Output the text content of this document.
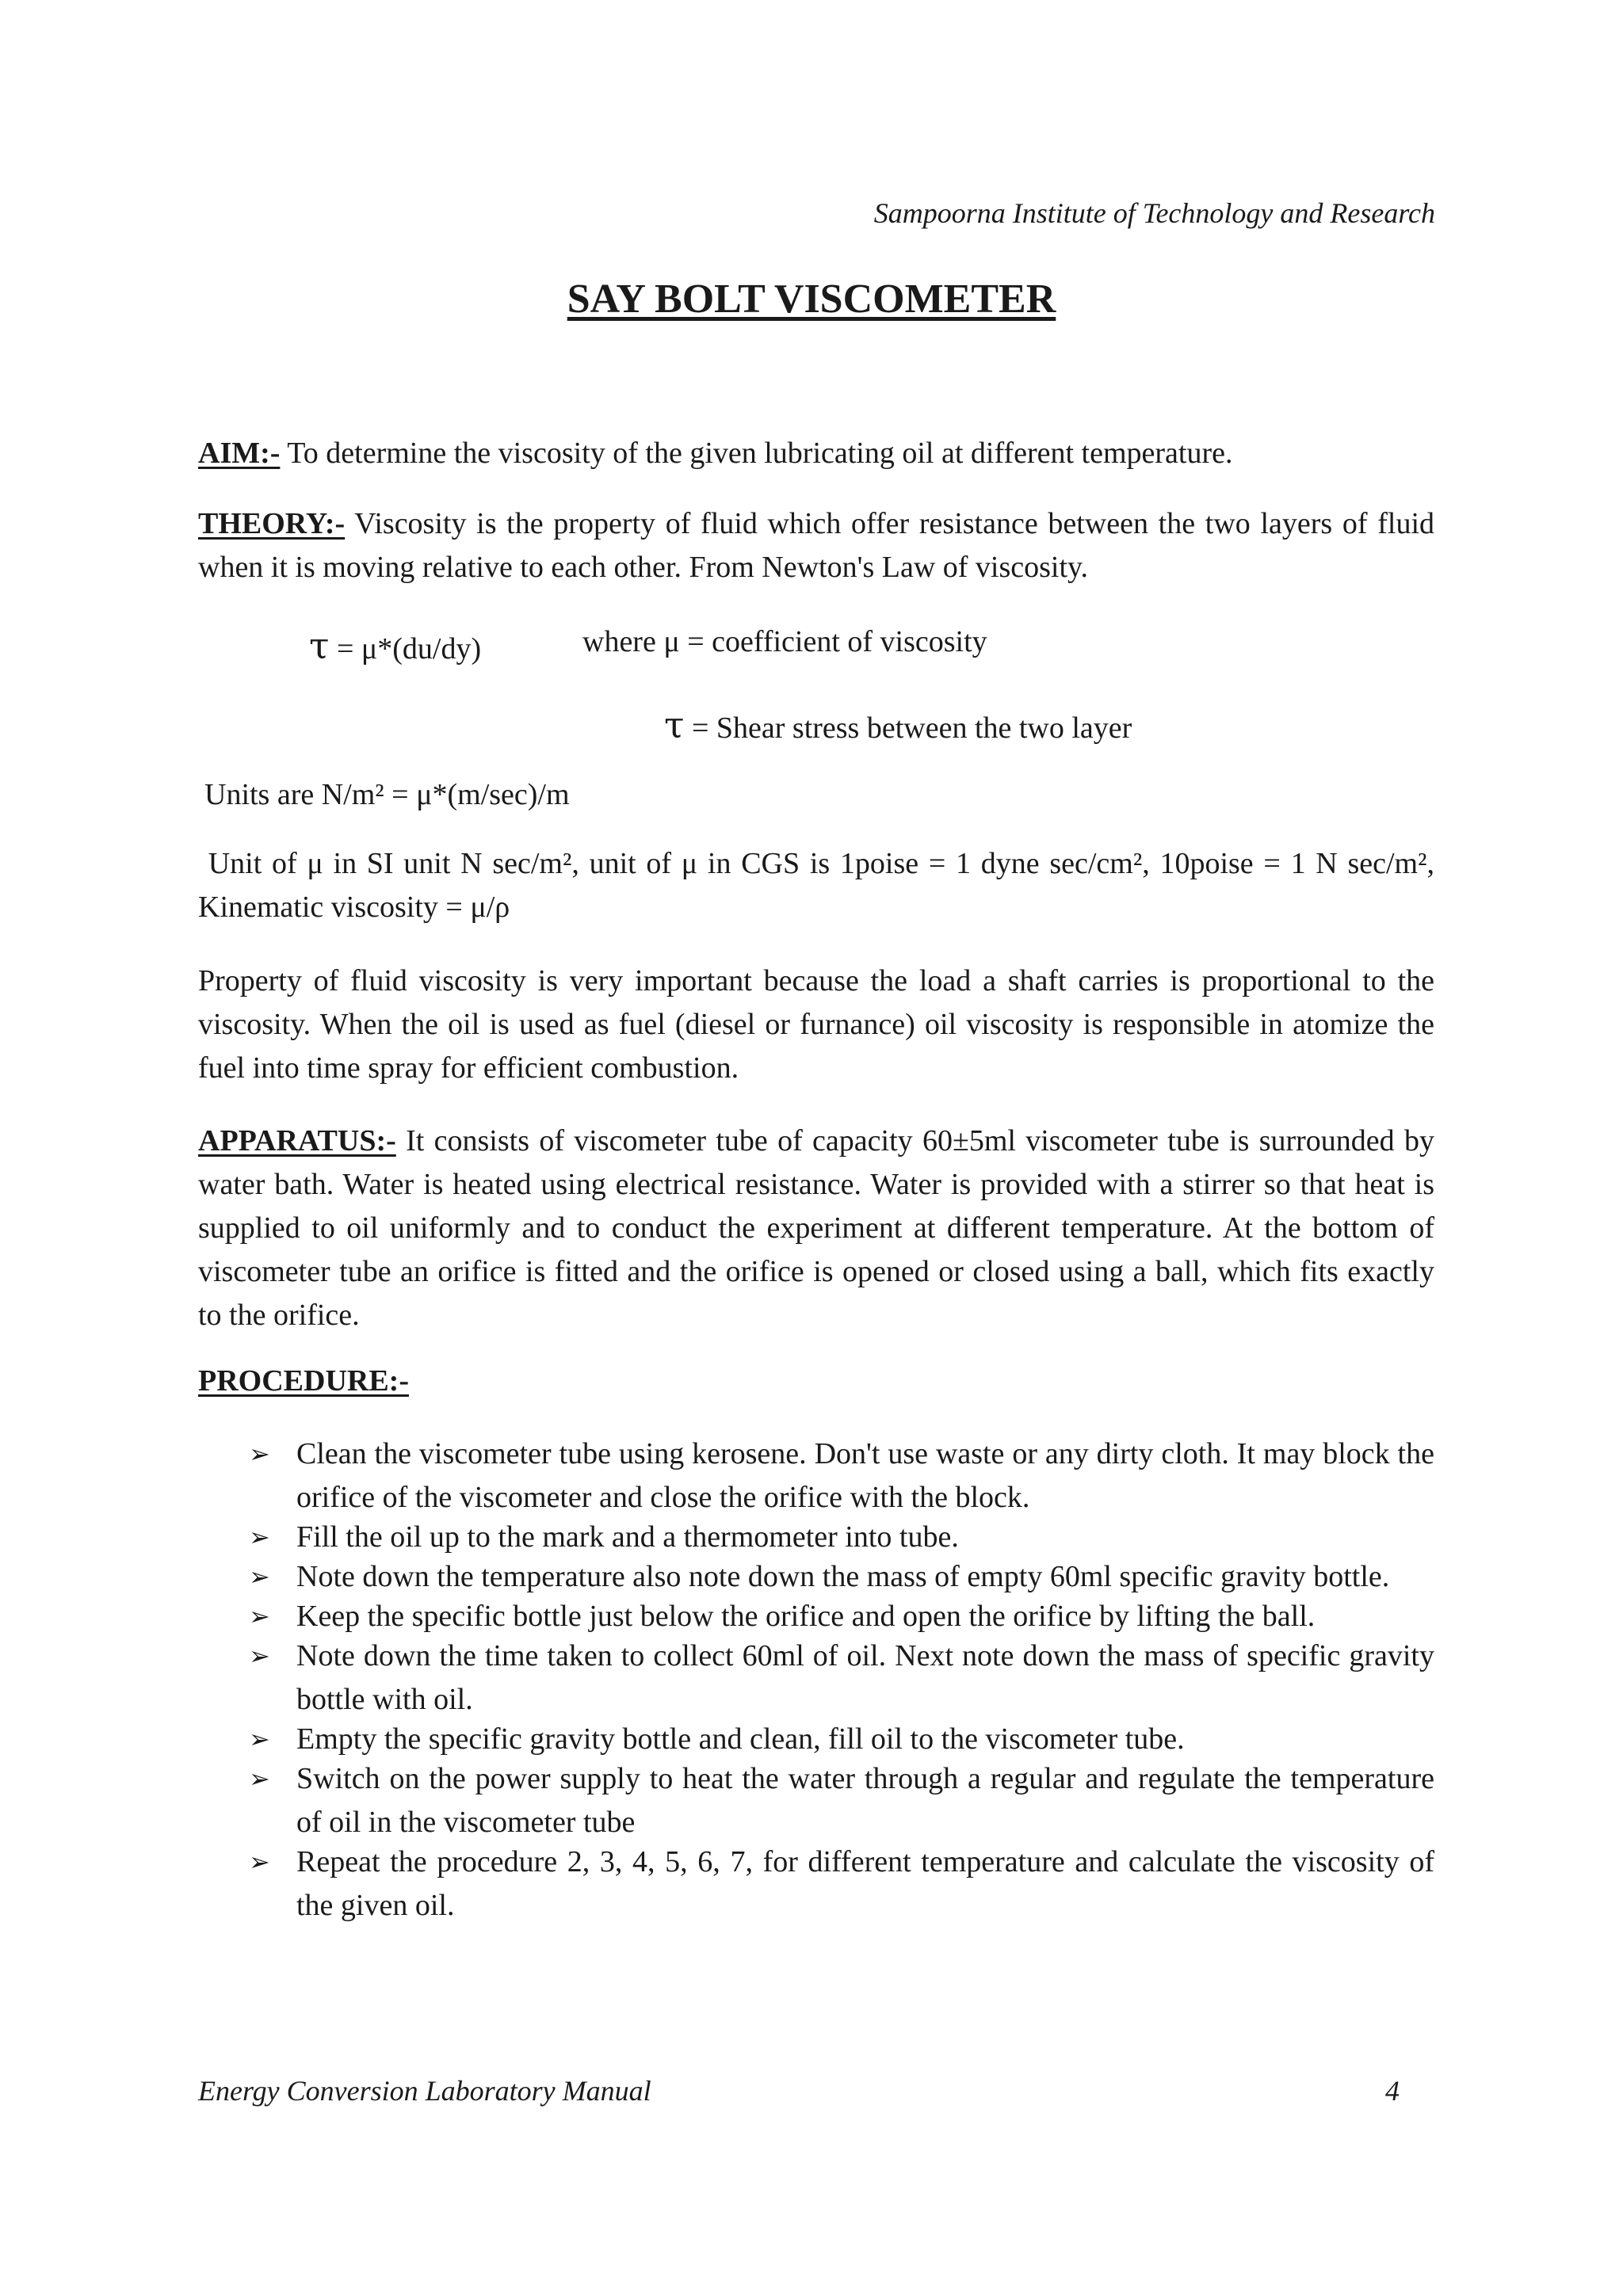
Sampoorna Institute of Technology and Research
SAY BOLT VISCOMETER
AIM:- To determine the viscosity of the given lubricating oil at different temperature.
THEORY:- Viscosity is the property of fluid which offer resistance between the two layers of fluid when it is moving relative to each other. From Newton's Law of viscosity.
τ = μ*(du/dy)	where μ = coefficient of viscosity
τ = Shear stress between the two layer
Units are N/m² = μ*(m/sec)/m
Unit of μ in SI unit N sec/m², unit of μ in CGS is 1poise = 1 dyne sec/cm², 10poise = 1 N sec/m², Kinematic viscosity = μ/ρ
Property of fluid viscosity is very important because the load a shaft carries is proportional to the viscosity. When the oil is used as fuel (diesel or furnance) oil viscosity is responsible in atomize the fuel into time spray for efficient combustion.
APPARATUS:- It consists of viscometer tube of capacity 60±5ml viscometer tube is surrounded by water bath. Water is heated using electrical resistance. Water is provided with a stirrer so that heat is supplied to oil uniformly and to conduct the experiment at different temperature. At the bottom of viscometer tube an orifice is fitted and the orifice is opened or closed using a ball, which fits exactly to the orifice.
PROCEDURE:-
➢ Clean the viscometer tube using kerosene. Don't use waste or any dirty cloth. It may block the orifice of the viscometer and close the orifice with the block.
➢ Fill the oil up to the mark and a thermometer into tube.
➢ Note down the temperature also note down the mass of empty 60ml specific gravity bottle.
➢ Keep the specific bottle just below the orifice and open the orifice by lifting the ball.
➢ Note down the time taken to collect 60ml of oil. Next note down the mass of specific gravity bottle with oil.
➢ Empty the specific gravity bottle and clean, fill oil to the viscometer tube.
➢ Switch on the power supply to heat the water through a regular and regulate the temperature of oil in the viscometer tube
➢ Repeat the procedure 2, 3, 4, 5, 6, 7, for different temperature and calculate the viscosity of the given oil.
Energy Conversion Laboratory Manual	4
